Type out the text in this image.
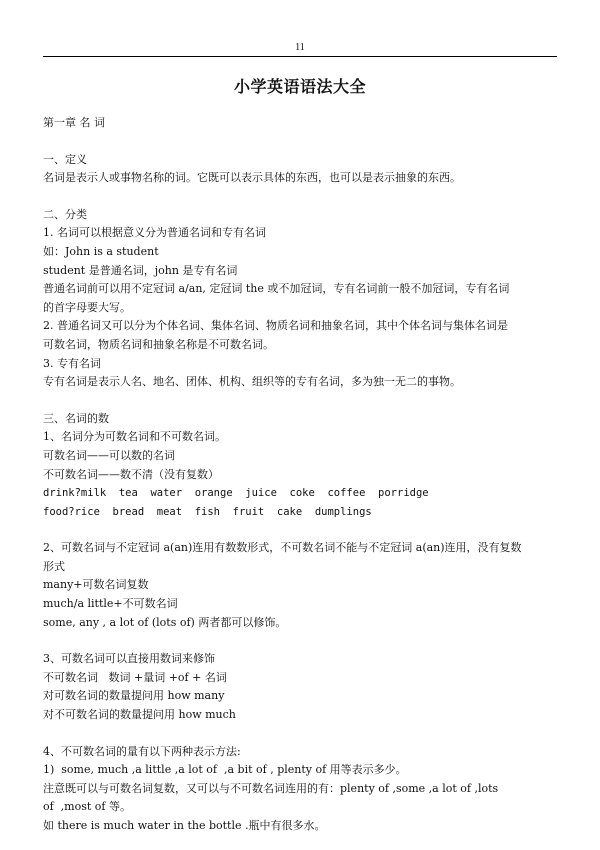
11
小学英语语法大全

第一章 名 词

一、定义

名词是表示人或事物名称的词。它既可以表示具体的东西，也可以是表示抽象的东西。

二、分类

1. 名词可以根据意义分为普通名词和专有名词

如：John is a student

student 是普通名词，john 是专有名词

普通名词前可以用不定冠词 a/an, 定冠词 the 或不加冠词，专有名词前一般不加冠词，专有名词

的首字母要大写。

2. 普通名词又可以分为个体名词、集体名词、物质名词和抽象名词，其中个体名词与集体名词是

可数名词，物质名词和抽象名称是不可数名词。

3. 专有名词

专有名词是表示人名、地名、团体、机构、组织等的专有名词，多为独一无二的事物。

三、名词的数

1、名词分为可数名词和不可数名词。

可数名词——可以数的名词

不可数名词——数不清（没有复数）

drink?milk  tea  water  orange  juice  coke  coffee  porridge

food?rice  bread  meat  fish  fruit  cake  dumplings

2、可数名词与不定冠词 a(an)连用有数数形式，不可数名词不能与不定冠词 a(an)连用，没有复数

形式

many+可数名词复数

much/a little+不可数名词

some, any , a lot of (lots of) 两者都可以修饰。

3、可数名词可以直接用数词来修饰

不可数名词   数词 +量词 +of + 名词

对可数名词的数量提问用 how many

对不可数名词的数量提问用 how much

4、不可数名词的量有以下两种表示方法:

1)  some, much ,a little ,a lot of  ,a bit of , plenty of 用等表示多少。

注意既可以与可数名词复数，又可以与不可数名词连用的有：plenty of ,some ,a lot of ,lots

of  ,most of 等。

如 there is much water in the bottle .瓶中有很多水。
